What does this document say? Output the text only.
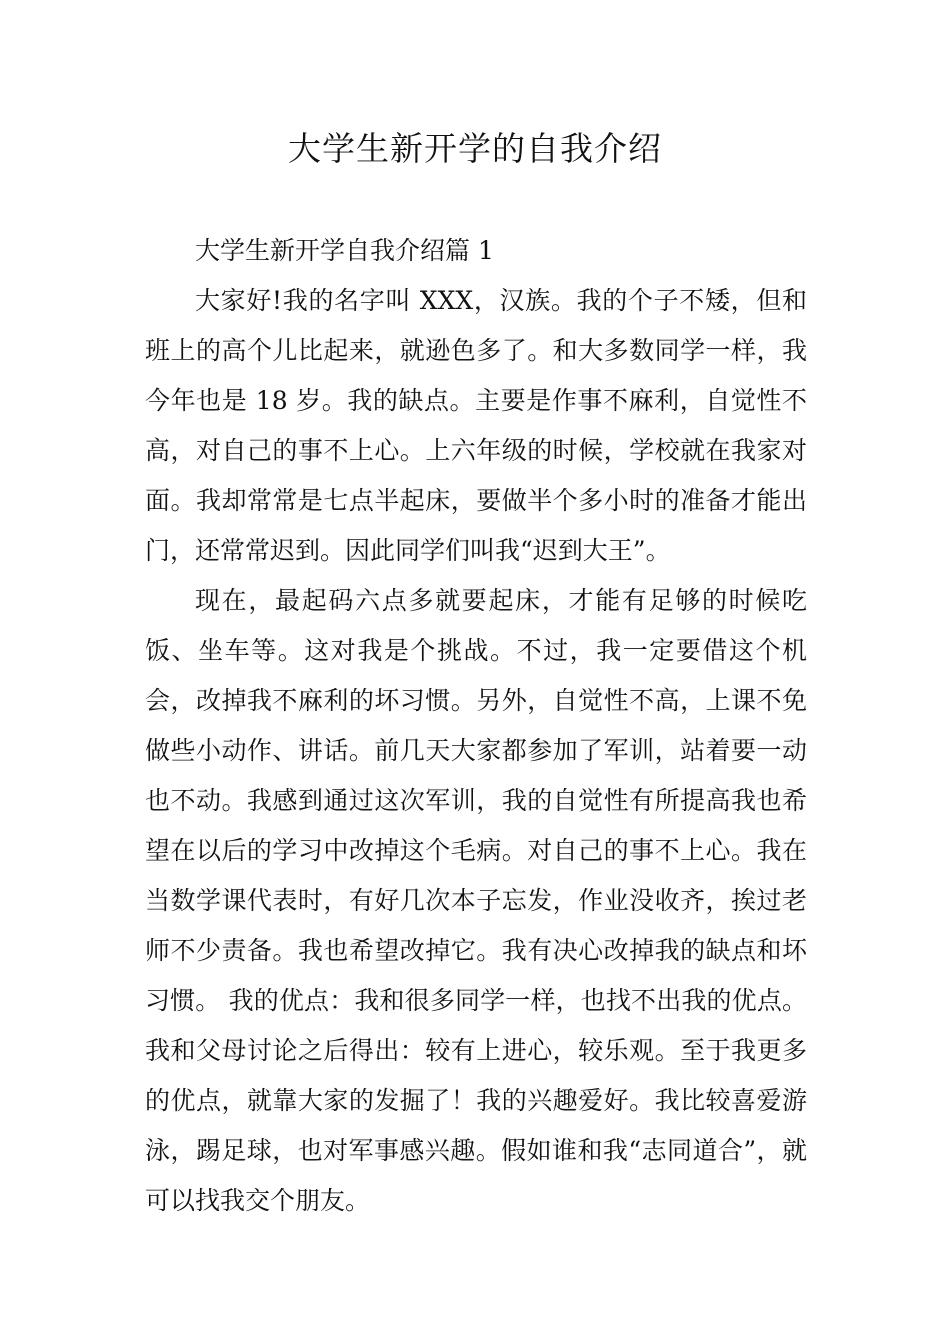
大学生新开学的自我介绍

大学生新开学自我介绍篇 1

大家好!我的名字叫 XXX，汉族。我的个子不矮，但和班上的高个儿比起来，就逊色多了。和大多数同学一样，我今年也是 18 岁。我的缺点。主要是作事不麻利，自觉性不高，对自己的事不上心。上六年级的时候，学校就在我家对面。我却常常是七点半起床，要做半个多小时的准备才能出门，还常常迟到。因此同学们叫我“迟到大王”。

现在，最起码六点多就要起床，才能有足够的时候吃饭、坐车等。这对我是个挑战。不过，我一定要借这个机会，改掉我不麻利的坏习惯。另外，自觉性不高，上课不免做些小动作、讲话。前几天大家都参加了军训，站着要一动也不动。我感到通过这次军训，我的自觉性有所提高我也希望在以后的学习中改掉这个毛病。对自己的事不上心。我在当数学课代表时，有好几次本子忘发，作业没收齐，挨过老师不少责备。我也希望改掉它。我有决心改掉我的缺点和坏习惯。 我的优点：我和很多同学一样，也找不出我的优点。我和父母讨论之后得出：较有上进心，较乐观。至于我更多的优点，就靠大家的发掘了！我的兴趣爱好。我比较喜爱游泳，踢足球，也对军事感兴趣。假如谁和我“志同道合”，就可以找我交个朋友。
